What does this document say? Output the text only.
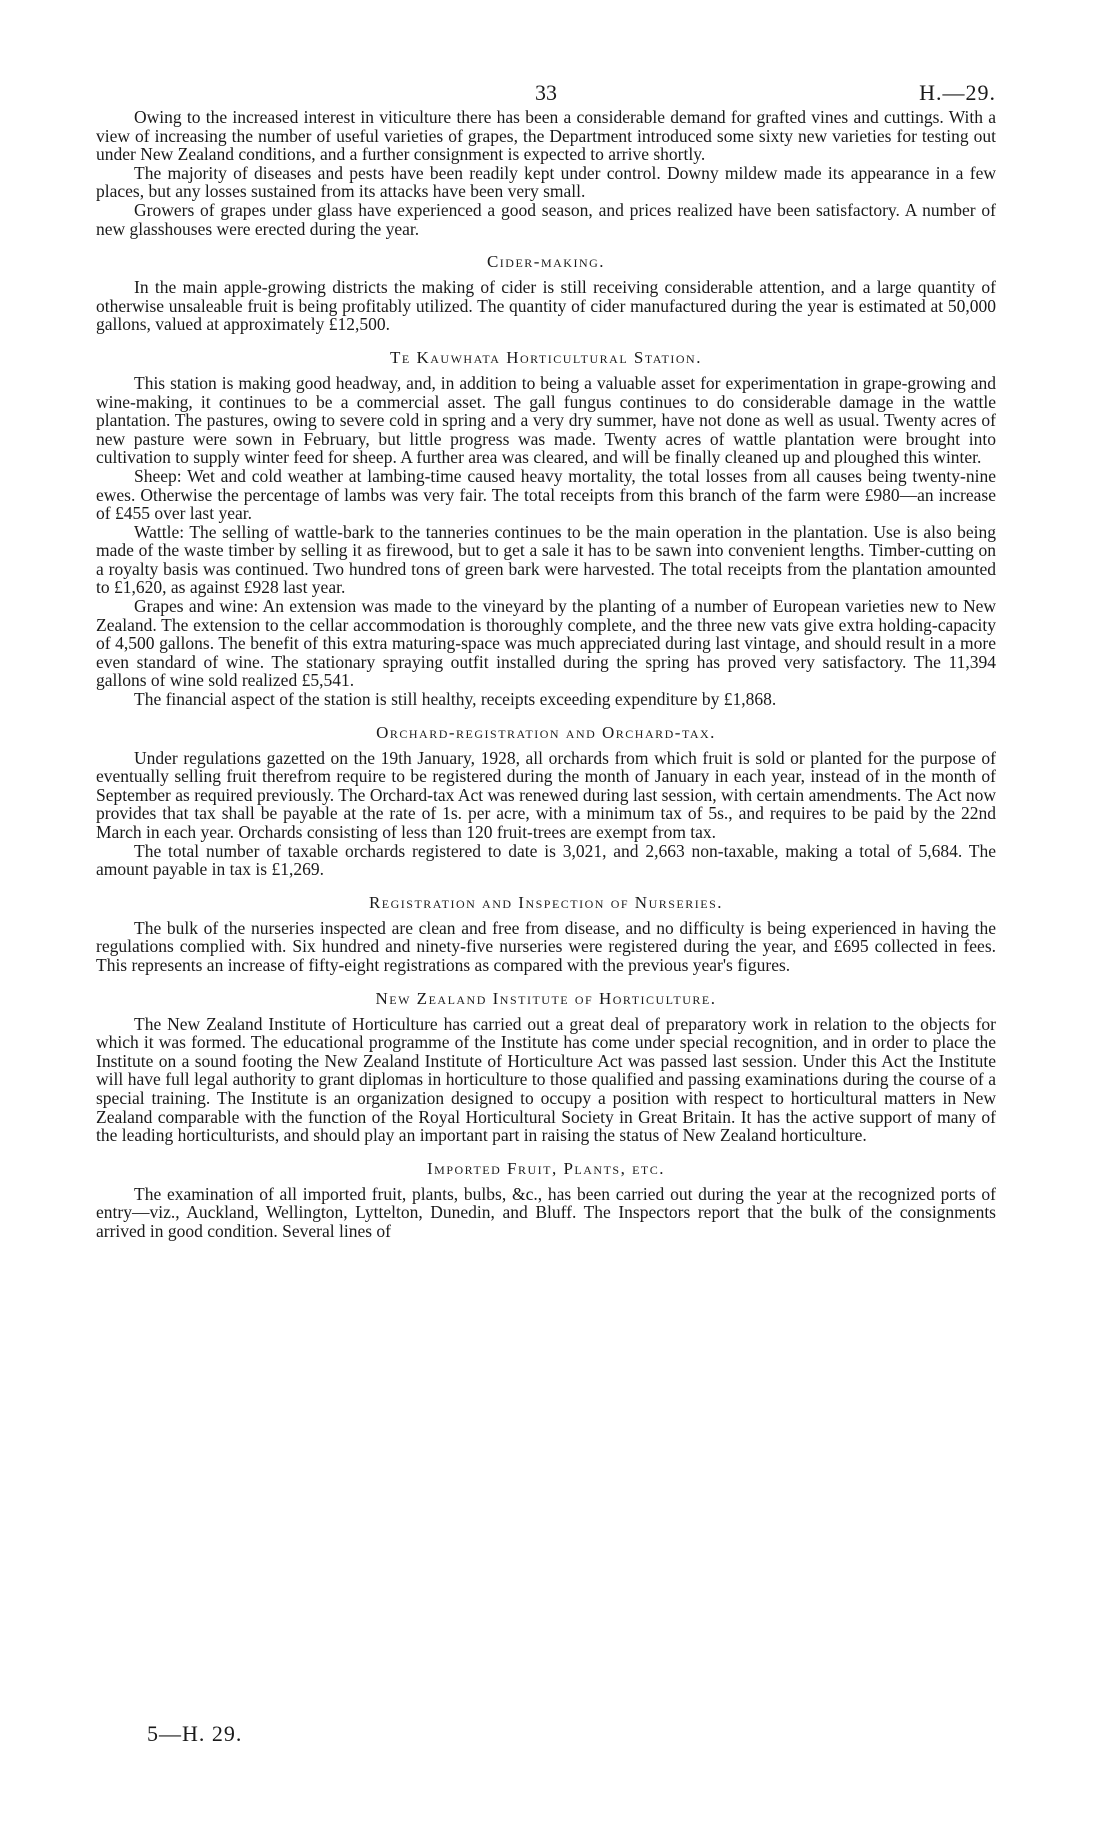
33	H.—29.

Owing to the increased interest in viticulture there has been a considerable demand for grafted vines and cuttings. With a view of increasing the number of useful varieties of grapes, the Department introduced some sixty new varieties for testing out under New Zealand conditions, and a further consignment is expected to arrive shortly.

The majority of diseases and pests have been readily kept under control. Downy mildew made its appearance in a few places, but any losses sustained from its attacks have been very small.

Growers of grapes under glass have experienced a good season, and prices realized have been satisfactory. A number of new glasshouses were erected during the year.

Cider-making.

In the main apple-growing districts the making of cider is still receiving considerable attention, and a large quantity of otherwise unsaleable fruit is being profitably utilized. The quantity of cider manufactured during the year is estimated at 50,000 gallons, valued at approximately £12,500.

Te Kauwhata Horticultural Station.

This station is making good headway, and, in addition to being a valuable asset for experimentation in grape-growing and wine-making, it continues to be a commercial asset. The gall fungus continues to do considerable damage in the wattle plantation. The pastures, owing to severe cold in spring and a very dry summer, have not done as well as usual. Twenty acres of new pasture were sown in February, but little progress was made. Twenty acres of wattle plantation were brought into cultivation to supply winter feed for sheep. A further area was cleared, and will be finally cleaned up and ploughed this winter.

Sheep: Wet and cold weather at lambing-time caused heavy mortality, the total losses from all causes being twenty-nine ewes. Otherwise the percentage of lambs was very fair. The total receipts from this branch of the farm were £980—an increase of £455 over last year.

Wattle: The selling of wattle-bark to the tanneries continues to be the main operation in the plantation. Use is also being made of the waste timber by selling it as firewood, but to get a sale it has to be sawn into convenient lengths. Timber-cutting on a royalty basis was continued. Two hundred tons of green bark were harvested. The total receipts from the plantation amounted to £1,620, as against £928 last year.

Grapes and wine: An extension was made to the vineyard by the planting of a number of European varieties new to New Zealand. The extension to the cellar accommodation is thoroughly complete, and the three new vats give extra holding-capacity of 4,500 gallons. The benefit of this extra maturing-space was much appreciated during last vintage, and should result in a more even standard of wine. The stationary spraying outfit installed during the spring has proved very satisfactory. The 11,394 gallons of wine sold realized £5,541.

The financial aspect of the station is still healthy, receipts exceeding expenditure by £1,868.

Orchard-registration and Orchard-tax.

Under regulations gazetted on the 19th January, 1928, all orchards from which fruit is sold or planted for the purpose of eventually selling fruit therefrom require to be registered during the month of January in each year, instead of in the month of September as required previously. The Orchard-tax Act was renewed during last session, with certain amendments. The Act now provides that tax shall be payable at the rate of 1s. per acre, with a minimum tax of 5s., and requires to be paid by the 22nd March in each year. Orchards consisting of less than 120 fruit-trees are exempt from tax.

The total number of taxable orchards registered to date is 3,021, and 2,663 non-taxable, making a total of 5,684. The amount payable in tax is £1,269.

Registration and Inspection of Nurseries.

The bulk of the nurseries inspected are clean and free from disease, and no difficulty is being experienced in having the regulations complied with. Six hundred and ninety-five nurseries were registered during the year, and £695 collected in fees. This represents an increase of fifty-eight registrations as compared with the previous year's figures.

New Zealand Institute of Horticulture.

The New Zealand Institute of Horticulture has carried out a great deal of preparatory work in relation to the objects for which it was formed. The educational programme of the Institute has come under special recognition, and in order to place the Institute on a sound footing the New Zealand Institute of Horticulture Act was passed last session. Under this Act the Institute will have full legal authority to grant diplomas in horticulture to those qualified and passing examinations during the course of a special training. The Institute is an organization designed to occupy a position with respect to horticultural matters in New Zealand comparable with the function of the Royal Horticultural Society in Great Britain. It has the active support of many of the leading horticulturists, and should play an important part in raising the status of New Zealand horticulture.

Imported Fruit, Plants, etc.

The examination of all imported fruit, plants, bulbs, &c., has been carried out during the year at the recognized ports of entry—viz., Auckland, Wellington, Lyttelton, Dunedin, and Bluff. The Inspectors report that the bulk of the consignments arrived in good condition. Several lines of

5—H. 29.
